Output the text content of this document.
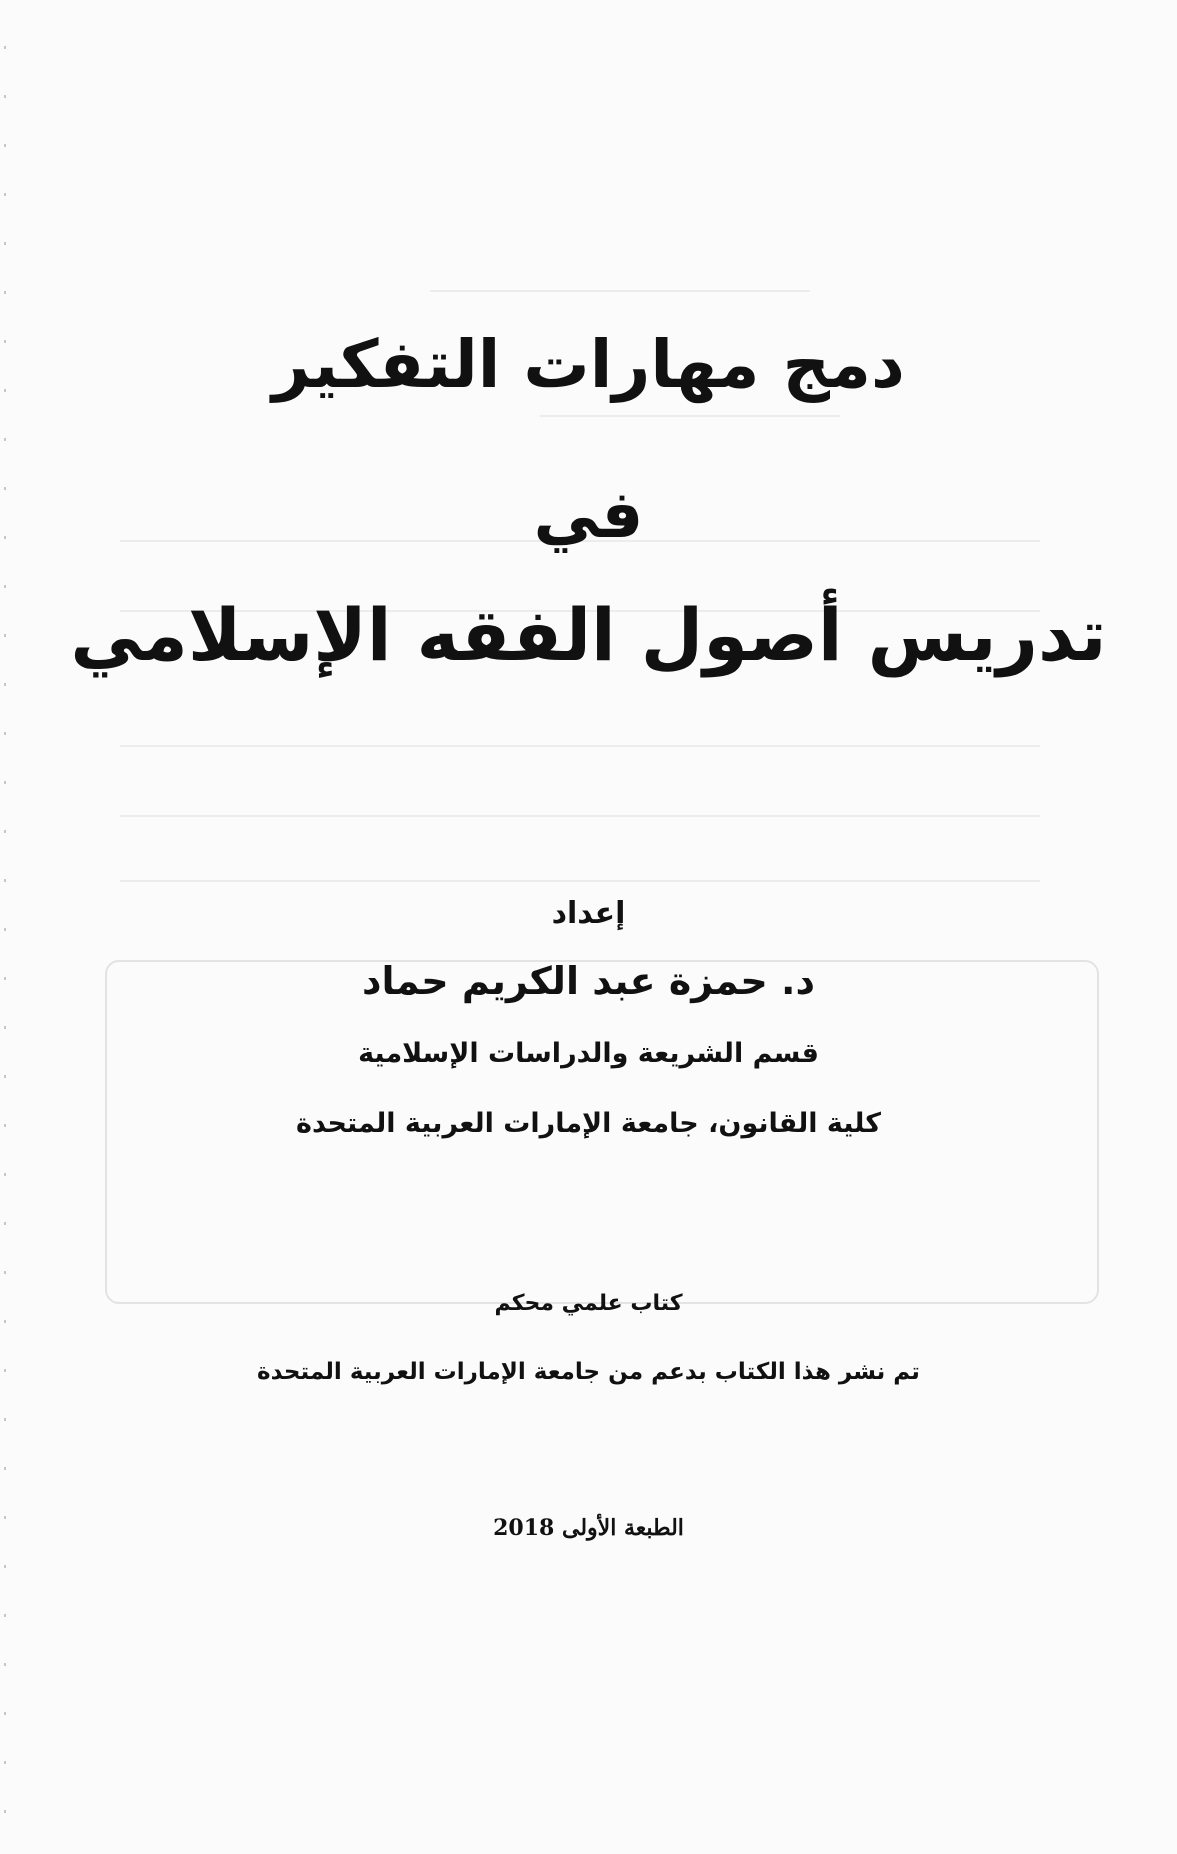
دمج مهارات التفكير
في
تدريس أصول الفقه الإسلامي
إعداد
د. حمزة عبد الكريم حماد
قسم الشريعة والدراسات الإسلامية
كلية القانون، جامعة الإمارات العربية المتحدة
كتاب علمي محكم
تم نشر هذا الكتاب بدعم من جامعة الإمارات العربية المتحدة
الطبعة الأولى 2018
